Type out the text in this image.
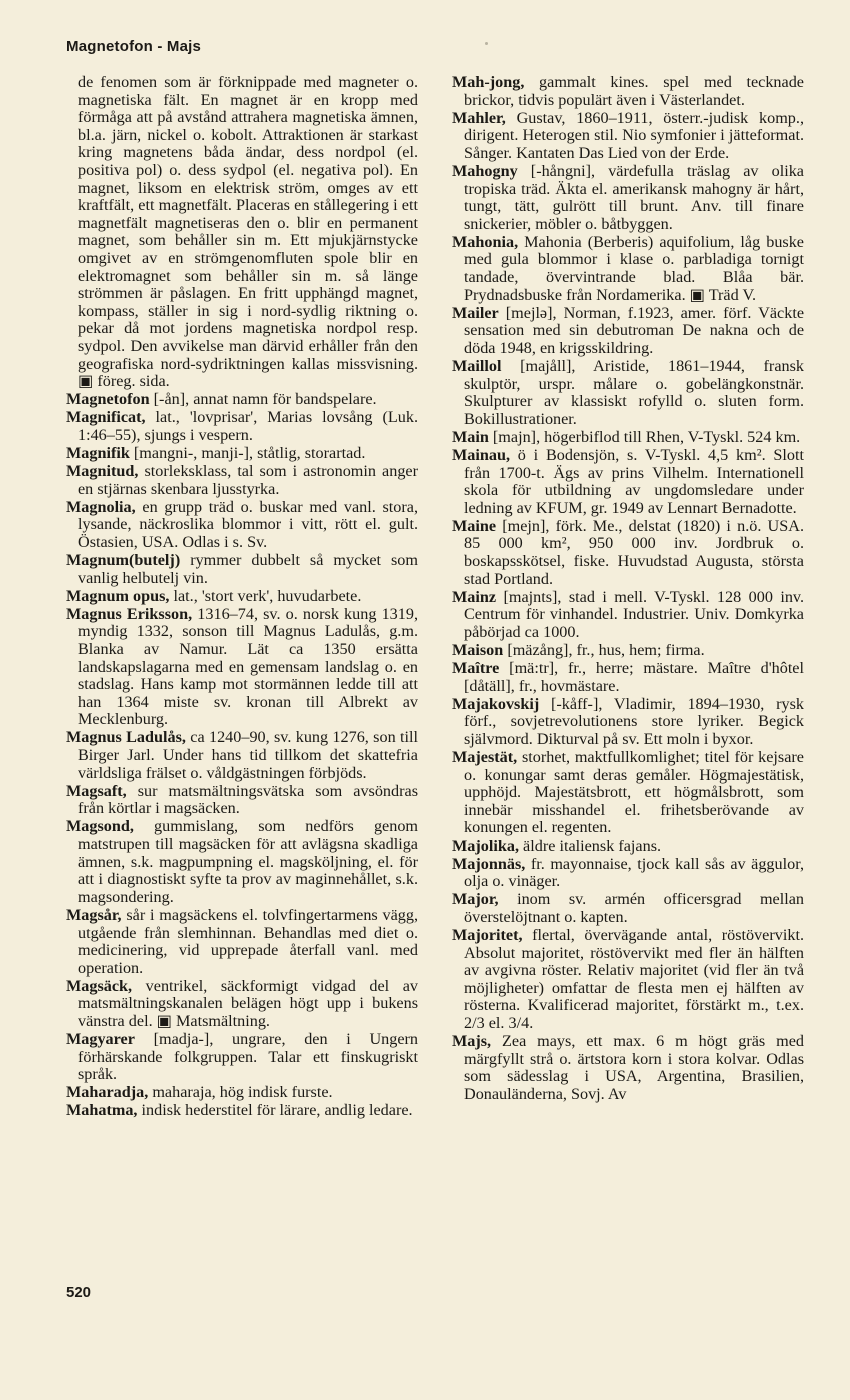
Magnetofon - Majs

de fenomen som är förknippade med magneter o. magnetiska fält. En magnet är en kropp med förmåga att på avstånd attrahera magnetiska ämnen, bl.a. järn, nickel o. kobolt. Attraktionen är starkast kring magnetens båda ändar, dess nordpol (el. positiva pol) o. dess sydpol (el. negativa pol). En magnet, liksom en elektrisk ström, omges av ett kraftfält, ett magnetfält. Placeras en stållegering i ett magnetfält magnetiseras den o. blir en permanent magnet, som behåller sin m. Ett mjukjärnstycke omgivet av en strömgenomfluten spole blir en elektromagnet som behåller sin m. så länge strömmen är påslagen. En fritt upphängd magnet, kompass, ställer in sig i nord-sydlig riktning o. pekar då mot jordens magnetiska nordpol resp. sydpol. Den avvikelse man därvid erhåller från den geografiska nord-sydriktningen kallas missvisning. ▣ föreg. sida.

Magnetofon [-ån], annat namn för bandspelare.

Magnificat, lat., 'lovprisar', Marias lovsång (Luk. 1:46–55), sjungs i vespern.

Magnifik [mangni-, manji-], ståtlig, storartad.

Magnitud, storleksklass, tal som i astronomin anger en stjärnas skenbara ljusstyrka.

Magnolia, en grupp träd o. buskar med vanl. stora, lysande, näckroslika blommor i vitt, rött el. gult. Östasien, USA. Odlas i s. Sv.

Magnum(butelj) rymmer dubbelt så mycket som vanlig helbutelj vin.

Magnum opus, lat., 'stort verk', huvudarbete.

Magnus Eriksson, 1316–74, sv. o. norsk kung 1319, myndig 1332, sonson till Magnus Ladulås, g.m. Blanka av Namur. Lät ca 1350 ersätta landskapslagarna med en gemensam landslag o. en stadslag. Hans kamp mot stormännen ledde till att han 1364 miste sv. kronan till Albrekt av Mecklenburg.

Magnus Ladulås, ca 1240–90, sv. kung 1276, son till Birger Jarl. Under hans tid tillkom det skattefria världsliga frälset o. våldgästningen förbjöds.

Magsaft, sur matsmältningsvätska som avsöndras från körtlar i magsäcken.

Magsond, gummislang, som nedförs genom matstrupen till magsäcken för att avlägsna skadliga ämnen, s.k. magpumpning el. magsköljning, el. för att i diagnostiskt syfte ta prov av maginnehållet, s.k. magsondering.

Magsår, sår i magsäckens el. tolvfingertarmens vägg, utgående från slemhinnan. Behandlas med diet o. medicinering, vid upprepade återfall vanl. med operation.

Magsäck, ventrikel, säckformigt vidgad del av matsmältningskanalen belägen högt upp i bukens vänstra del. ▣ Matsmältning.

Magyarer [madja-], ungrare, den i Ungern förhärskande folkgruppen. Talar ett finskugriskt språk.

Maharadja, maharaja, hög indisk furste.

Mahatma, indisk hederstitel för lärare, andlig ledare.

Mah-jong, gammalt kines. spel med tecknade brickor, tidvis populärt även i Västerlandet.

Mahler, Gustav, 1860–1911, österr.-judisk komp., dirigent. Heterogen stil. Nio symfonier i jätteformat. Sånger. Kantaten Das Lied von der Erde.

Mahogny [-hångni], värdefulla träslag av olika tropiska träd. Äkta el. amerikansk mahogny är hårt, tungt, tätt, gulrött till brunt. Anv. till finare snickerier, möbler o. båtbyggen.

Mahonia, Mahonia (Berberis) aquifolium, låg buske med gula blommor i klase o. parbladiga tornigt tandade, övervintrande blad. Blåa bär. Prydnadsbuske från Nordamerika. ▣ Träd V.

Mailer [mejlə], Norman, f.1923, amer. förf. Väckte sensation med sin debutroman De nakna och de döda 1948, en krigsskildring.

Maillol [majåll], Aristide, 1861–1944, fransk skulptör, urspr. målare o. gobelängkonstnär. Skulpturer av klassiskt rofylld o. sluten form. Bokillustrationer.

Main [majn], högerbiflod till Rhen, V-Tyskl. 524 km.

Mainau, ö i Bodensjön, s. V-Tyskl. 4,5 km². Slott från 1700-t. Ägs av prins Vilhelm. Internationell skola för utbildning av ungdomsledare under ledning av KFUM, gr. 1949 av Lennart Bernadotte.

Maine [mejn], förk. Me., delstat (1820) i n.ö. USA. 85 000 km², 950 000 inv. Jordbruk o. boskapsskötsel, fiske. Huvudstad Augusta, största stad Portland.

Mainz [majnts], stad i mell. V-Tyskl. 128 000 inv. Centrum för vinhandel. Industrier. Univ. Domkyrka påbörjad ca 1000.

Maison [mäzång], fr., hus, hem; firma.

Maître [mä:tr], fr., herre; mästare. Maître d'hôtel [dåtäll], fr., hovmästare.

Majakovskij [-kåff-], Vladimir, 1894–1930, rysk förf., sovjetrevolutionens store lyriker. Begick självmord. Dikturval på sv. Ett moln i byxor.

Majestät, storhet, maktfullkomlighet; titel för kejsare o. konungar samt deras gemåler. Högmajestätisk, upphöjd. Majestätsbrott, ett högmålsbrott, som innebär misshandel el. frihetsberövande av konungen el. regenten.

Majolika, äldre italiensk fajans.

Majonnäs, fr. mayonnaise, tjock kall sås av äggulor, olja o. vinäger.

Major, inom sv. armén officersgrad mellan överstelöjtnant o. kapten.

Majoritet, flertal, övervägande antal, röstövervikt. Absolut majoritet, röstövervikt med fler än hälften av avgivna röster. Relativ majoritet (vid fler än två möjligheter) omfattar de flesta men ej hälften av rösterna. Kvalificerad majoritet, förstärkt m., t.ex. 2/3 el. 3/4.

Majs, Zea mays, ett max. 6 m högt gräs med märgfyllt strå o. ärtstora korn i stora kolvar. Odlas som sädesslag i USA, Argentina, Brasilien, Donauländerna, Sovj. Av

520
